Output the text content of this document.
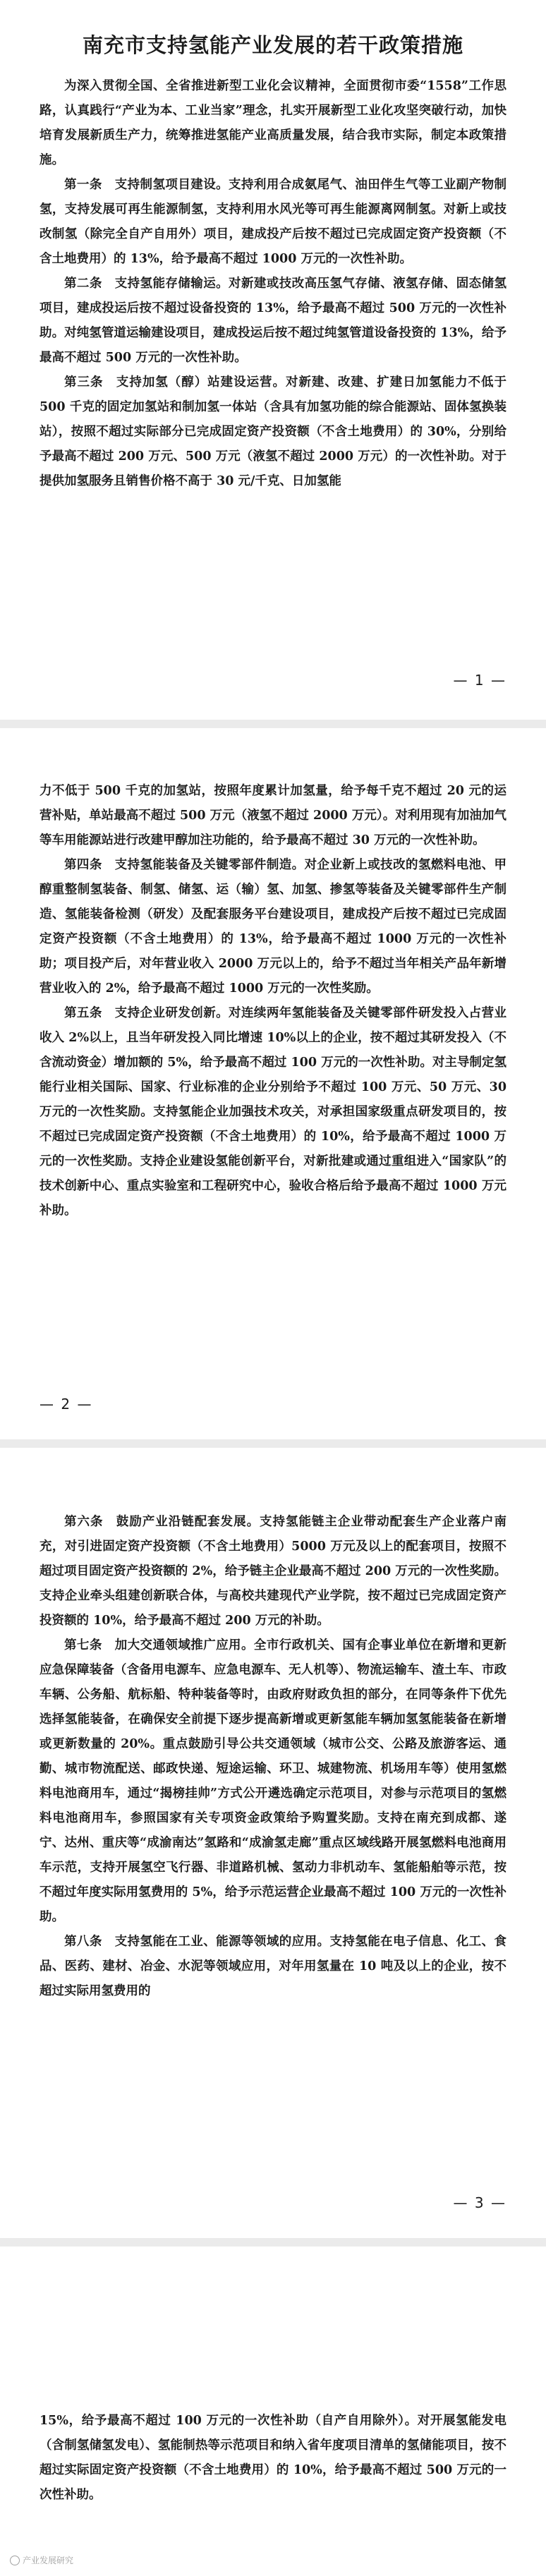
南充市支持氢能产业发展的若干政策措施

为深入贯彻全国、全省推进新型工业化会议精神，全面贯彻市委“1558”工作思路，认真践行“产业为本、工业当家”理念，扎实开展新型工业化攻坚突破行动，加快培育发展新质生产力，统筹推进氢能产业高质量发展，结合我市实际，制定本政策措施。

第一条　支持制氢项目建设。支持利用合成氨尾气、油田伴生气等工业副产物制氢，支持发展可再生能源制氢，支持利用水风光等可再生能源离网制氢。对新上或技改制氢（除完全自产自用外）项目，建成投产后按不超过已完成固定资产投资额（不含土地费用）的 13%，给予最高不超过 1000 万元的一次性补助。

第二条　支持氢能存储输运。对新建或技改高压氢气存储、液氢存储、固态储氢项目，建成投运后按不超过设备投资的 13%，给予最高不超过 500 万元的一次性补助。对纯氢管道运输建设项目，建成投运后按不超过纯氢管道设备投资的 13%，给予最高不超过 500 万元的一次性补助。

第三条　支持加氢（醇）站建设运营。对新建、改建、扩建日加氢能力不低于 500 千克的固定加氢站和制加氢一体站（含具有加氢功能的综合能源站、固体氢换装站），按照不超过实际部分已完成固定资产投资额（不含土地费用）的 30%，分别给予最高不超过 200 万元、500 万元（液氢不超过 2000 万元）的一次性补助。对于提供加氢服务且销售价格不高于 30 元/千克、日加氢能

— 1 —

力不低于 500 千克的加氢站，按照年度累计加氢量，给予每千克不超过 20 元的运营补贴，单站最高不超过 500 万元（液氢不超过 2000 万元）。对利用现有加油加气等车用能源站进行改建甲醇加注功能的，给予最高不超过 30 万元的一次性补助。

第四条　支持氢能装备及关键零部件制造。对企业新上或技改的氢燃料电池、甲醇重整制氢装备、制氢、储氢、运（输）氢、加氢、掺氢等装备及关键零部件生产制造、氢能装备检测（研发）及配套服务平台建设项目，建成投产后按不超过已完成固定资产投资额（不含土地费用）的 13%，给予最高不超过 1000 万元的一次性补助；项目投产后，对年营业收入 2000 万元以上的，给予不超过当年相关产品年新增营业收入的 2%，给予最高不超过 1000 万元的一次性奖励。

第五条　支持企业研发创新。对连续两年氢能装备及关键零部件研发投入占营业收入 2%以上，且当年研发投入同比增速 10%以上的企业，按不超过其研发投入（不含流动资金）增加额的 5%，给予最高不超过 100 万元的一次性补助。对主导制定氢能行业相关国际、国家、行业标准的企业分别给予不超过 100 万元、50 万元、30 万元的一次性奖励。支持氢能企业加强技术攻关，对承担国家级重点研发项目的，按不超过已完成固定资产投资额（不含土地费用）的 10%，给予最高不超过 1000 万元的一次性奖励。支持企业建设氢能创新平台，对新批建或通过重组进入“国家队”的技术创新中心、重点实验室和工程研究中心，验收合格后给予最高不超过 1000 万元补助。

— 2 —

第六条　鼓励产业沿链配套发展。支持氢能链主企业带动配套生产企业落户南充，对引进固定资产投资额（不含土地费用）5000 万元及以上的配套项目，按照不超过项目固定资产投资额的 2%，给予链主企业最高不超过 200 万元的一次性奖励。支持企业牵头组建创新联合体，与高校共建现代产业学院，按不超过已完成固定资产投资额的 10%，给予最高不超过 200 万元的补助。

第七条　加大交通领域推广应用。全市行政机关、国有企事业单位在新增和更新应急保障装备（含备用电源车、应急电源车、无人机等）、物流运输车、渣土车、市政车辆、公务船、航标船、特种装备等时，由政府财政负担的部分，在同等条件下优先选择氢能装备，在确保安全前提下逐步提高新增或更新氢能车辆加氢氢能装备在新增或更新数量的 20%。重点鼓励引导公共交通领域（城市公交、公路及旅游客运、通勤、城市物流配送、邮政快递、短途运输、环卫、城建物流、机场用车等）使用氢燃料电池商用车，通过“揭榜挂帅”方式公开遴选确定示范项目，对参与示范项目的氢燃料电池商用车，参照国家有关专项资金政策给予购置奖励。支持在南充到成都、遂宁、达州、重庆等“成渝南达”氢路和“成渝氢走廊”重点区域线路开展氢燃料电池商用车示范，支持开展氢空飞行器、非道路机械、氢动力非机动车、氢能船舶等示范，按不超过年度实际用氢费用的 5%，给予示范运营企业最高不超过 100 万元的一次性补助。

第八条　支持氢能在工业、能源等领域的应用。支持氢能在电子信息、化工、食品、医药、建材、冶金、水泥等领域应用，对年用氢量在 10 吨及以上的企业，按不超过实际用氢费用的

— 3 —

15%，给予最高不超过 100 万元的一次性补助（自产自用除外）。对开展氢能发电（含制氢储氢发电）、氢能制热等示范项目和纳入省年度项目清单的氢储能项目，按不超过实际固定资产投资额（不含土地费用）的 10%，给予最高不超过 500 万元的一次性补助。

产业发展研究
